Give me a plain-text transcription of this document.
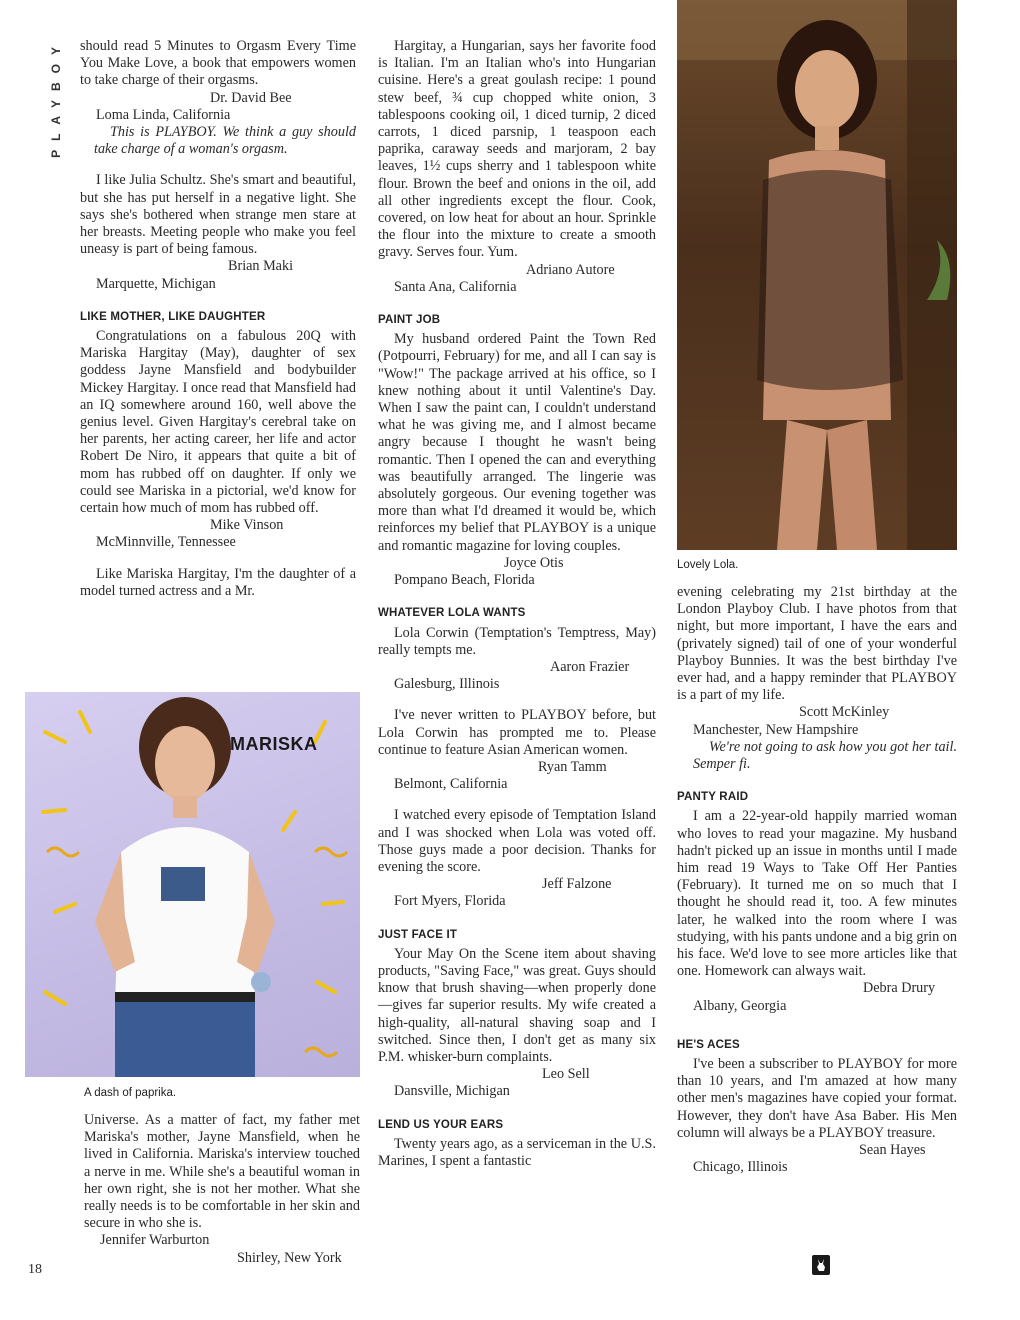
PLAYBOY should read 5 Minutes to Orgasm Every Time You Make Love, a book that empowers women to take charge of their orgasms.

Dr. David Bee

Loma Linda, California

This is PLAYBOY. We think a guy should take charge of a woman's orgasm.

I like Julia Schultz. She's smart and beautiful, but she has put herself in a negative light. She says she's bothered when strange men stare at her breasts. Meeting people who make you feel uneasy is part of being famous.

Brian Maki

Marquette, Michigan

LIKE MOTHER, LIKE DAUGHTER

Congratulations on a fabulous 20Q with Mariska Hargitay (May), daughter of sex goddess Jayne Mansfield and bodybuilder Mickey Hargitay. I once read that Mansfield had an IQ somewhere around 160, well above the genius level. Given Hargitay's cerebral take on her parents, her acting career, her life and actor Robert De Niro, it appears that quite a bit of mom has rubbed off on daughter. If only we could see Mariska in a pictorial, we'd know for certain how much of mom has rubbed off.

Mike Vinson

McMinnville, Tennessee

Like Mariska Hargitay, I'm the daughter of a model turned actress and a Mr.

MARISKA
A dash of paprika.

Universe. As a matter of fact, my father met Mariska's mother, Jayne Mansfield, when he lived in California. Mariska's interview touched a nerve in me. While she's a beautiful woman in her own right, she is not her mother. What she really needs is to be comfortable in her skin and secure in who she is.

Jennifer Warburton

Shirley, New York

18

Hargitay, a Hungarian, says her favorite food is Italian. I'm an Italian who's into Hungarian cuisine. Here's a great goulash recipe: 1 pound stew beef, ¾ cup chopped white onion, 3 tablespoons cooking oil, 1 diced turnip, 2 diced carrots, 1 diced parsnip, 1 teaspoon each paprika, caraway seeds and marjoram, 2 bay leaves, 1½ cups sherry and 1 tablespoon white flour. Brown the beef and onions in the oil, add all other ingredients except the flour. Cook, covered, on low heat for about an hour. Sprinkle the flour into the mixture to create a smooth gravy. Serves four. Yum.

Adriano Autore

Santa Ana, California

PAINT JOB

My husband ordered Paint the Town Red (Potpourri, February) for me, and all I can say is "Wow!" The package arrived at his office, so I knew nothing about it until Valentine's Day. When I saw the paint can, I couldn't understand what he was giving me, and I almost became angry because I thought he wasn't being romantic. Then I opened the can and everything was beautifully arranged. The lingerie was absolutely gorgeous. Our evening together was more than what I'd dreamed it would be, which reinforces my belief that PLAYBOY is a unique and romantic magazine for loving couples.

Joyce Otis

Pompano Beach, Florida

WHATEVER LOLA WANTS

Lola Corwin (Temptation's Temptress, May) really tempts me.

Aaron Frazier

Galesburg, Illinois

I've never written to PLAYBOY before, but Lola Corwin has prompted me to. Please continue to feature Asian American women.

Ryan Tamm

Belmont, California

I watched every episode of Temptation Island and I was shocked when Lola was voted off. Those guys made a poor decision. Thanks for evening the score.

Jeff Falzone

Fort Myers, Florida

JUST FACE IT

Your May On the Scene item about shaving products, "Saving Face," was great. Guys should know that brush shaving—when properly done—gives far superior results. My wife created a high-quality, all-natural shaving soap and I switched. Since then, I don't get as many six P.M. whisker-burn complaints.

Leo Sell

Dansville, Michigan

LEND US YOUR EARS

Twenty years ago, as a serviceman in the U.S. Marines, I spent a fantastic

Lovely Lola.

evening celebrating my 21st birthday at the London Playboy Club. I have photos from that night, but more important, I have the ears and (privately signed) tail of one of your wonderful Playboy Bunnies. It was the best birthday I've ever had, and a happy reminder that PLAYBOY is a part of my life.

Scott McKinley

Manchester, New Hampshire

We're not going to ask how you got her tail. Semper fi.

PANTY RAID

I am a 22-year-old happily married woman who loves to read your magazine. My husband hadn't picked up an issue in months until I made him read 19 Ways to Take Off Her Panties (February). It turned me on so much that I thought he should read it, too. A few minutes later, he walked into the room where I was studying, with his pants undone and a big grin on his face. We'd love to see more articles like that one. Homework can always wait.

Debra Drury

Albany, Georgia

HE'S ACES

I've been a subscriber to PLAYBOY for more than 10 years, and I'm amazed at how many other men's magazines have copied your format. However, they don't have Asa Baber. His Men column will always be a PLAYBOY treasure.

Sean Hayes

Chicago, Illinois
